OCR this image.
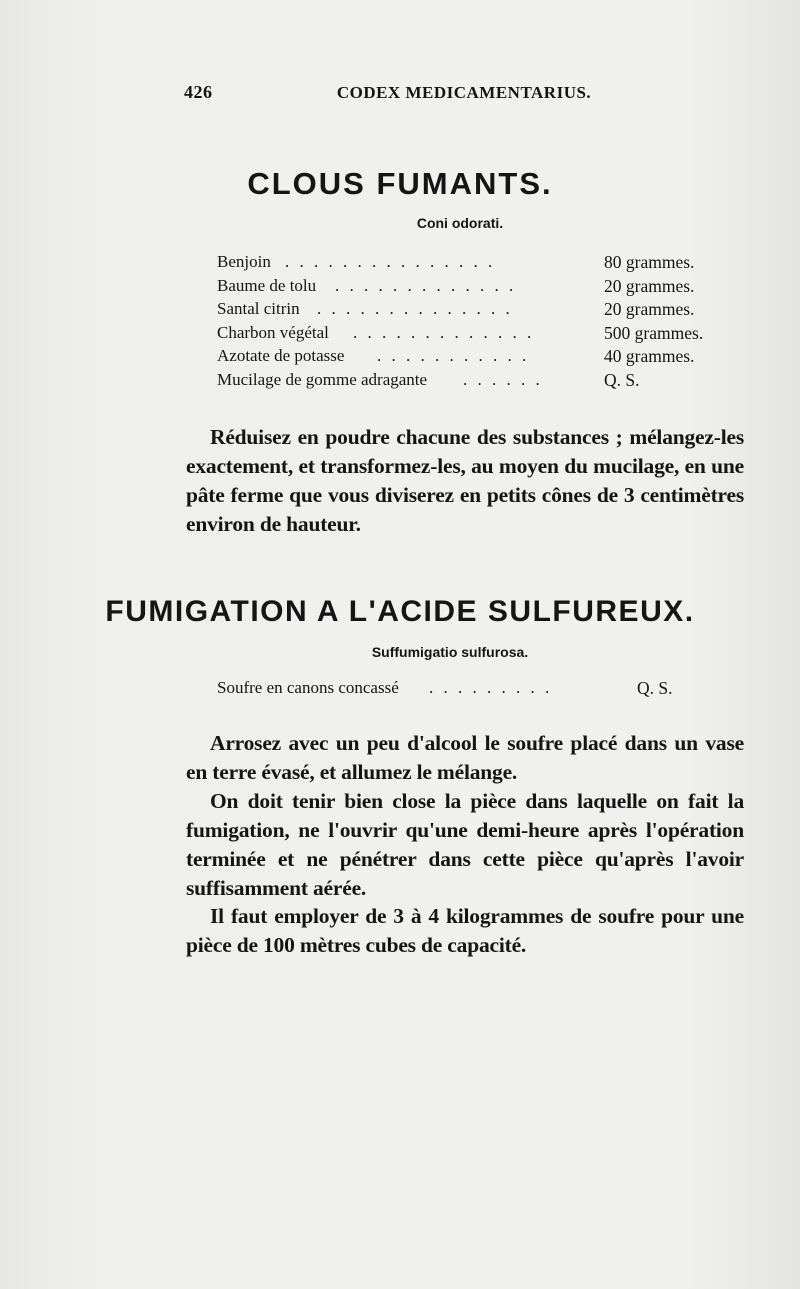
426	CODEX MEDICAMENTARIUS.
CLOUS FUMANTS.
Coni odorati.
Benjoin . . . . . . . . . . . . . . .	80 grammes.
Baume de tolu . . . . . . . . . . . . .	20 grammes.
Santal citrin . . . . . . . . . . . . . .	20 grammes.
Charbon végétal . . . . . . . . . . . . .	500 grammes.
Azotate de potasse . . . . . . . . . . .	40 grammes.
Mucilage de gomme adragante . . . . . .	Q. S.

Réduisez en poudre chacune des substances ; mélangez-les exactement, et transformez-les, au moyen du mucilage, en une pâte ferme que vous diviserez en petits cônes de 3 centimètres environ de hauteur.

FUMIGATION A L'ACIDE SULFUREUX.
Suffumigatio sulfurosa.
Soufre en canons concassé . . . . . . . . .	Q. S.

Arrosez avec un peu d'alcool le soufre placé dans un vase en terre évasé, et allumez le mélange.

On doit tenir bien close la pièce dans laquelle on fait la fumigation, ne l'ouvrir qu'une demi-heure après l'opération terminée et ne pénétrer dans cette pièce qu'après l'avoir suffisamment aérée.

Il faut employer de 3 à 4 kilogrammes de soufre pour une pièce de 100 mètres cubes de capacité.
